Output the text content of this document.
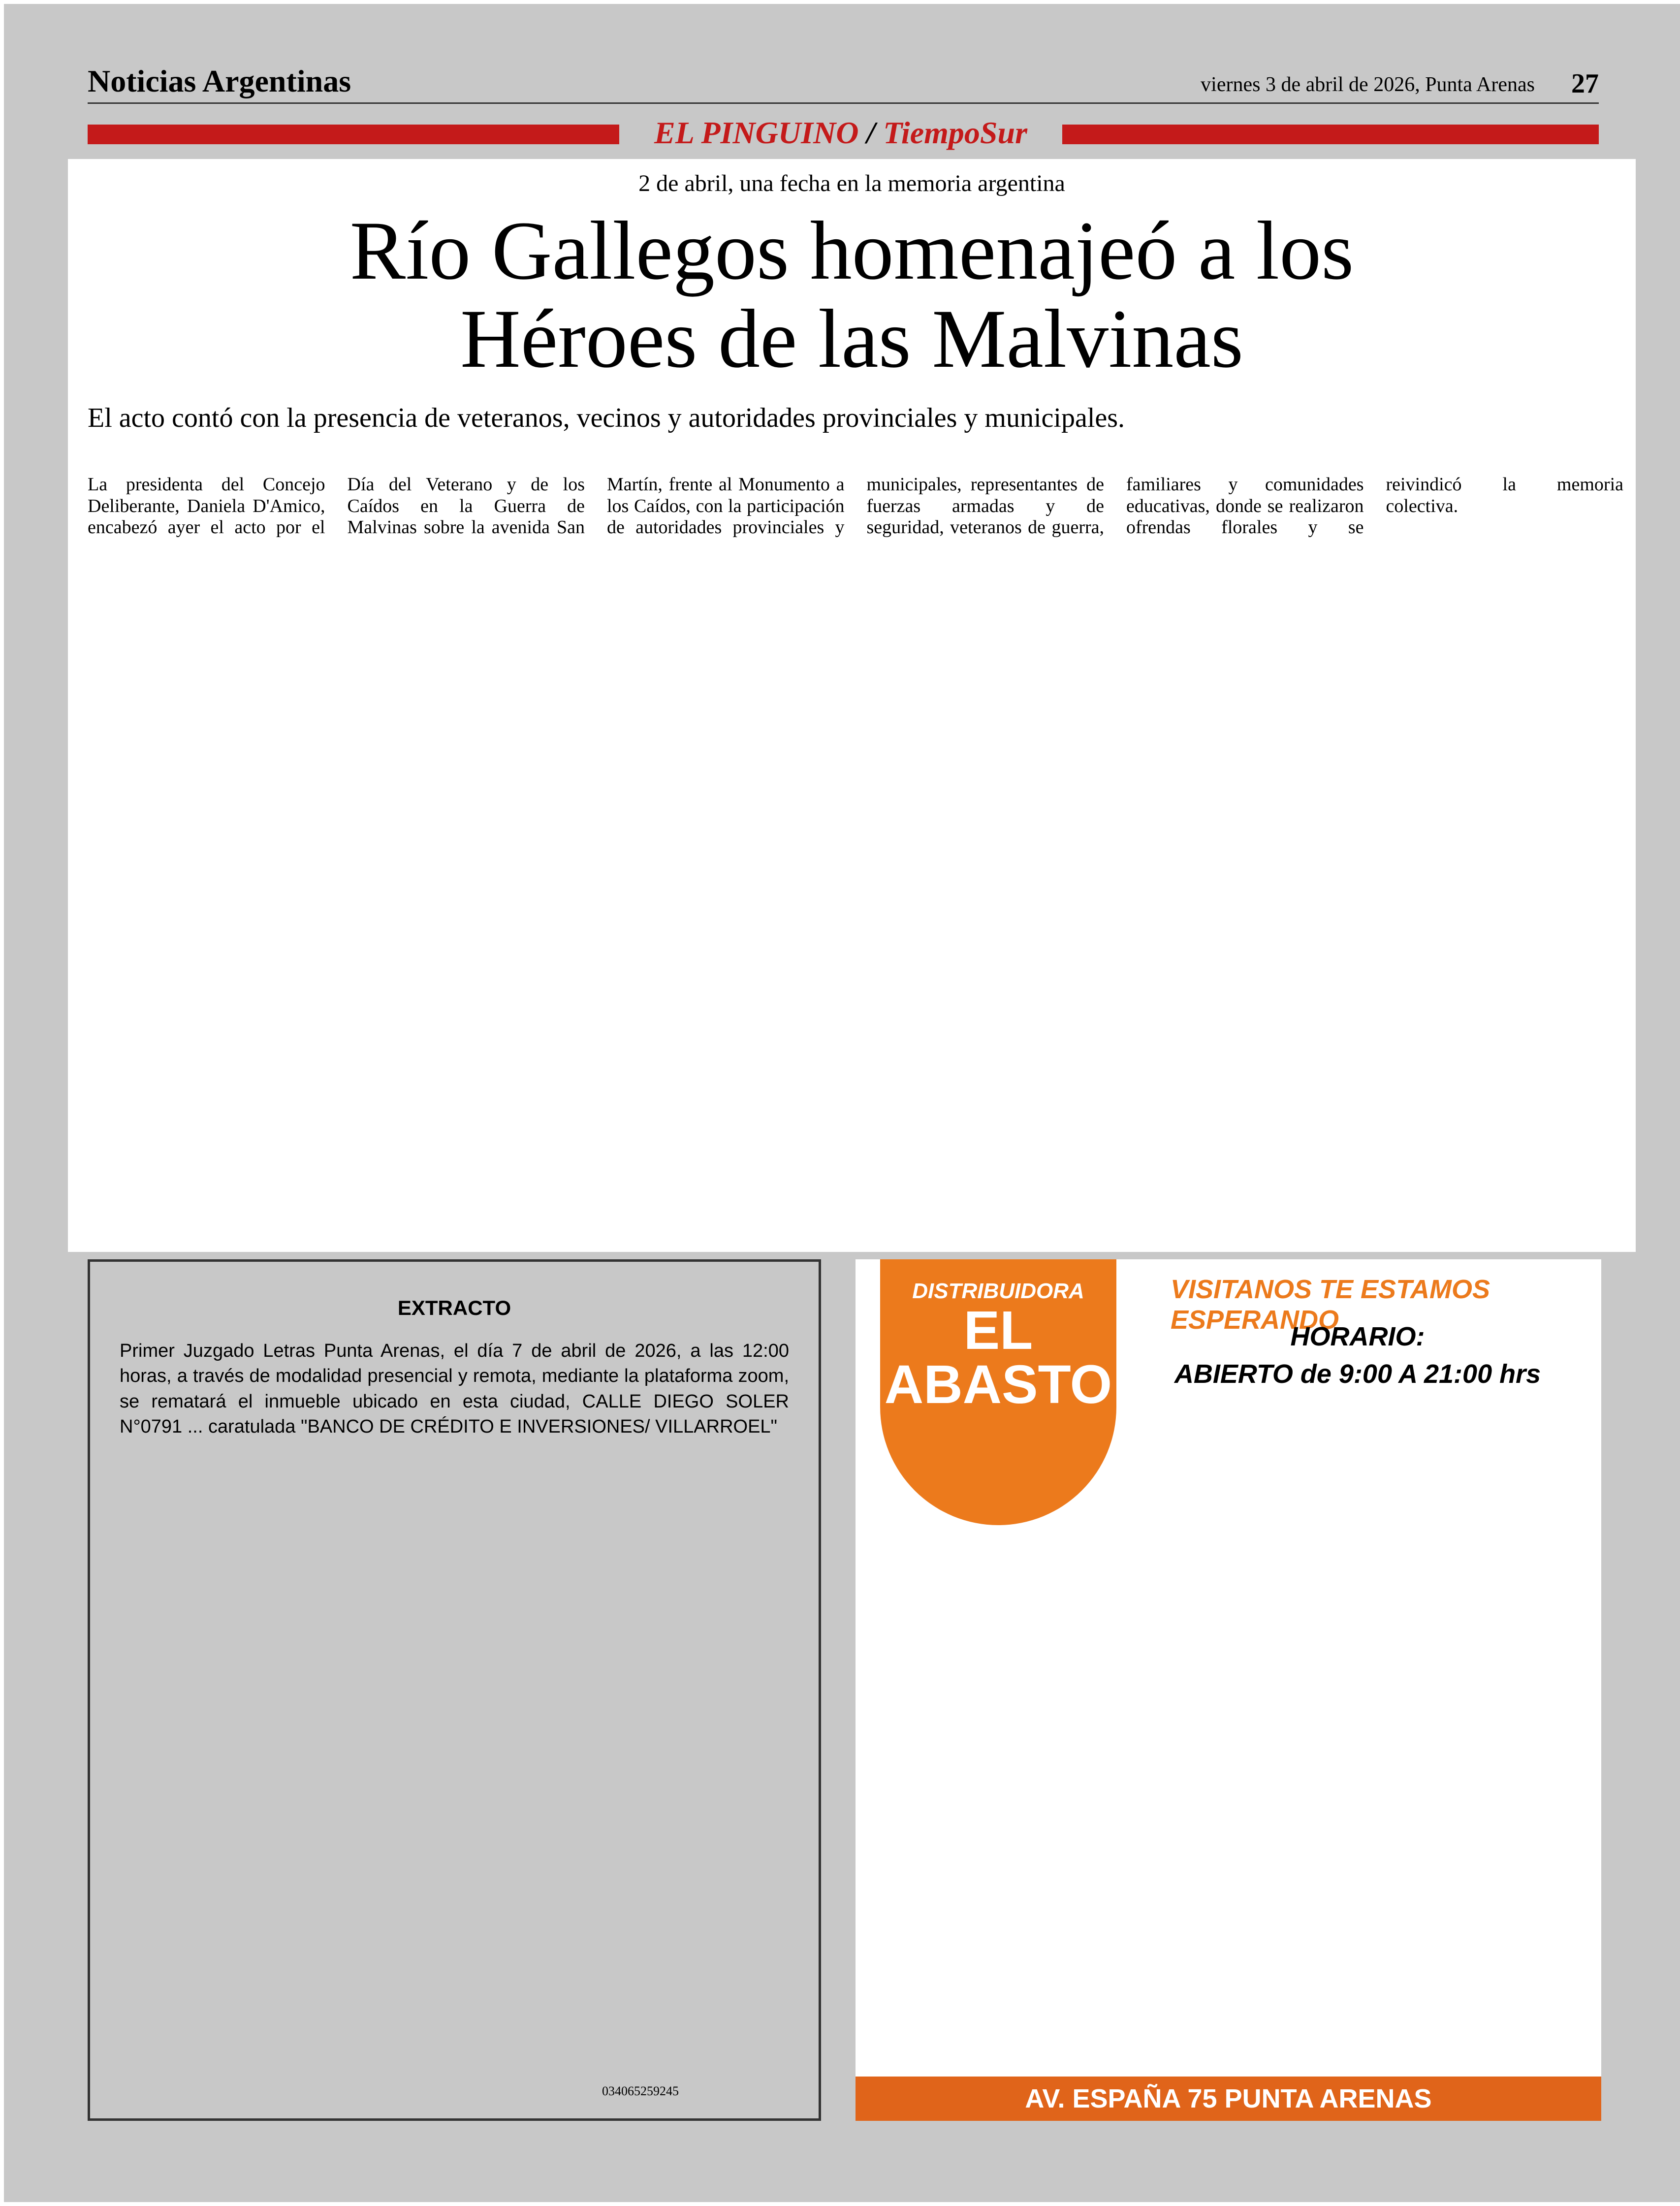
Noticias Argentinas	viernes 3 de abril de 2026, Punta Arenas 27
EL PINGUINO / TiempoSur
2 de abril, una fecha en la memoria argentina
Río Gallegos homenajeó a los Héroes de las Malvinas
El acto contó con la presencia de veteranos, vecinos y autoridades provinciales y municipales.

La presidenta del Concejo Deliberante, Daniela D'Amico, encabezó ayer el acto por el Día del Veterano y de los Caídos en la Guerra de Malvinas sobre la avenida San Martín, frente al Monumento a los Caídos, con la participación de autoridades provinciales y municipales, representantes de fuerzas armadas y de seguridad, veteranos de guerra, familiares y comunidades educativas, donde se realizaron ofrendas florales y se reivindicó la memoria colectiva.

EXTRACTO

Primer Juzgado Letras Punta Arenas, el día 7 de abril de 2026, a las 12:00 horas, a través de modalidad presencial y remota, mediante la plataforma zoom, se rematará el inmueble ubicado en esta ciudad, CALLE DIEGO SOLER N°0791 ... caratulada "BANCO DE CRÉDITO E INVERSIONES/ VILLARROEL"

034065259245
DISTRIBUIDORA
EL ABASTO
VISITANOS TE ESTAMOS ESPERANDO
HORARIO:
ABIERTO de 9:00 A 21:00 hrs
AV. ESPAÑA 75 PUNTA ARENAS
